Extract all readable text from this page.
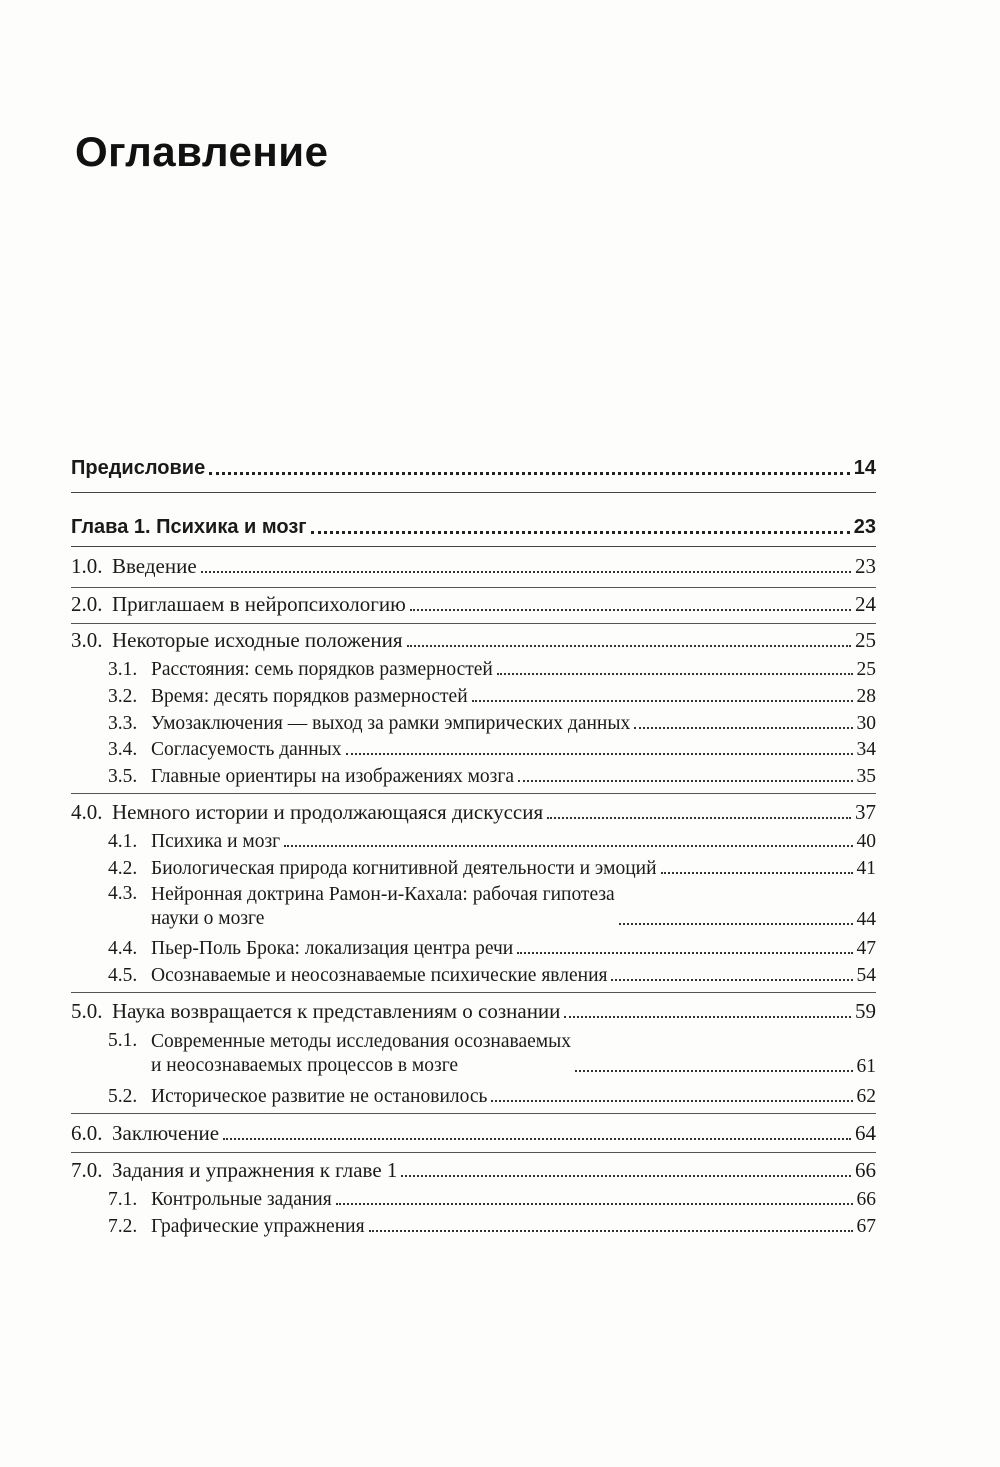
Оглавление
Предисловие	14
Глава 1. Психика и мозг	23
1.0. Введение	23
2.0. Приглашаем в нейропсихологию	24
3.0. Некоторые исходные положения	25
3.1. Расстояния: семь порядков размерностей	25
3.2. Время: десять порядков размерностей	28
3.3. Умозаключения — выход за рамки эмпирических данных	30
3.4. Согласуемость данных	34
3.5. Главные ориентиры на изображениях мозга	35
4.0. Немного истории и продолжающаяся дискуссия	37
4.1. Психика и мозг	40
4.2. Биологическая природа когнитивной деятельности и эмоций	41
4.3. Нейронная доктрина Рамон-и-Кахала: рабочая гипотеза
науки о мозге	44
4.4. Пьер-Поль Брока: локализация центра речи	47
4.5. Осознаваемые и неосознаваемые психические явления	54
5.0. Наука возвращается к представлениям о сознании	59
5.1. Современные методы исследования осознаваемых
и неосознаваемых процессов в мозге	61
5.2. Историческое развитие не остановилось	62
6.0. Заключение	64
7.0. Задания и упражнения к главе 1	66
7.1. Контрольные задания	66
7.2. Графические упражнения	67
